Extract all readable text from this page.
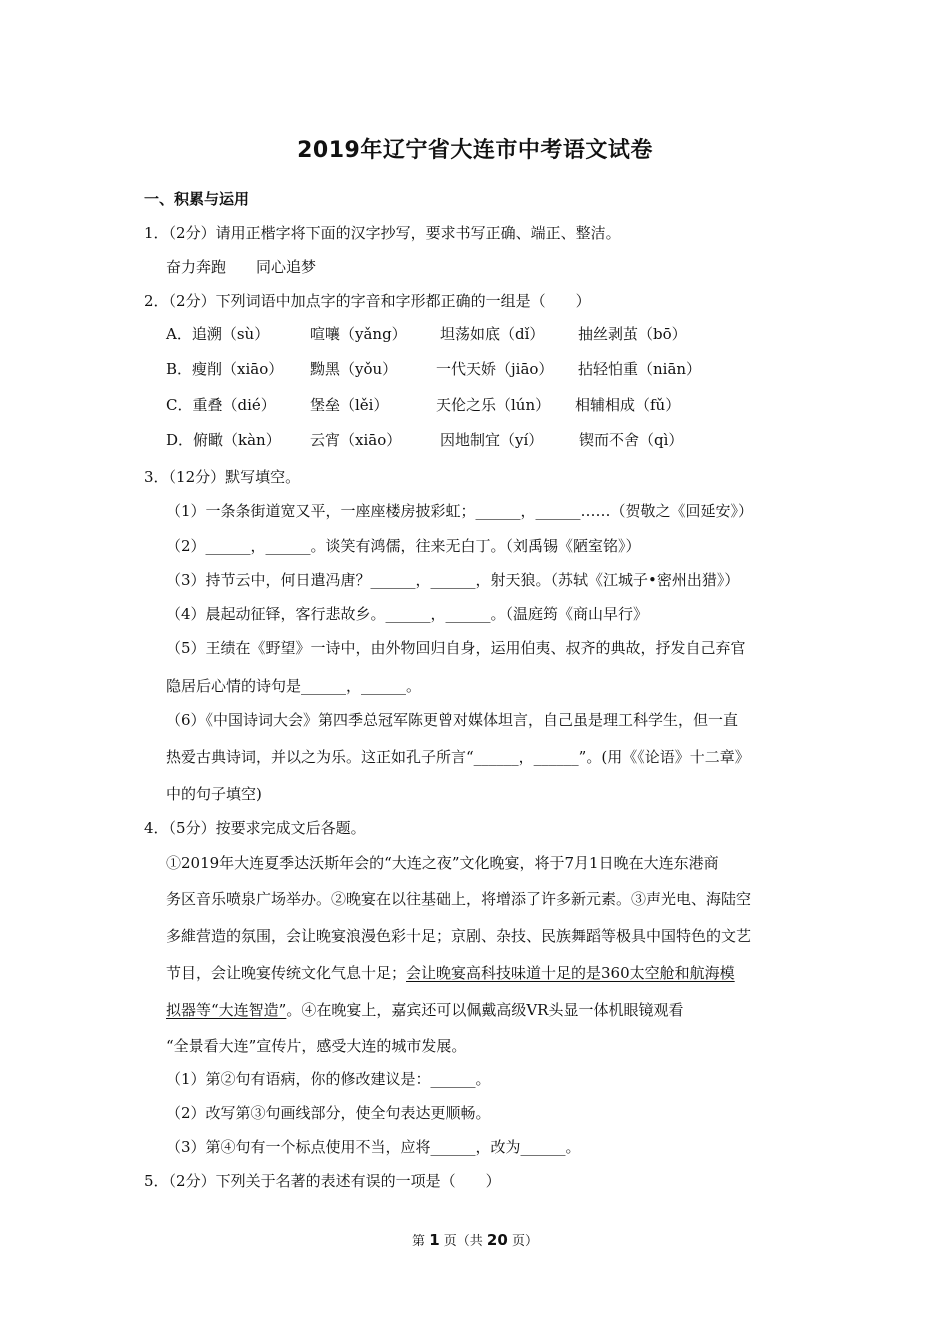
2019年辽宁省大连市中考语文试卷
一、积累与运用
1．（2分）请用正楷字将下面的汉字抄写，要求书写正确、端正、整洁。
奋力奔跑　　同心追梦
2．（2分）下列词语中加点字的字音和字形都正确的一组是（　　）
A．追溯（sù）	喧嚷（yǎng） 坦荡如底（dǐ） 抽丝剥茧（bō）
B．瘦削（xiāo） 黝黑（yǒu）	一代天娇（jiāo） 拈轻怕重（niān）
C．重叠（dié） 堡垒（lěi）	天伦之乐（lún） 相辅相成（fǔ）
D．俯瞰（kàn） 云宵（xiāo）	因地制宜（yí） 锲而不舍（qì）
3．（12分）默写填空。
（1）一条条街道宽又平，一座座楼房披彩虹；______，______……（贺敬之《回延安》）
（2）______，______。谈笑有鸿儒，往来无白丁。（刘禹锡《陋室铭》）
（3）持节云中，何日遣冯唐？______，______，射天狼。（苏轼《江城子•密州出猎》）
（4）晨起动征铎，客行悲故乡。______，______。（温庭筠《商山早行》
（5）王绩在《野望》一诗中，由外物回归自身，运用伯夷、叔齐的典故，抒发自己弃官
隐居后心情的诗句是______，______。
（6）《中国诗词大会》第四季总冠军陈更曾对媒体坦言，自己虽是理工科学生，但一直
热爱古典诗词，并以之为乐。这正如孔子所言“______，______”。(用《《论语》十二章》
中的句子填空)
4．（5分）按要求完成文后各题。
①2019年大连夏季达沃斯年会的“大连之夜”文化晚宴，将于7月1日晚在大连东港商
务区音乐喷泉广场举办。②晚宴在以往基础上，将增添了许多新元素。③声光电、海陆空
多維营造的氛围，会让晚宴浪漫色彩十足；京剧、杂技、民族舞蹈等极具中国特色的文艺
节目，会让晚宴传统文化气息十足；会让晚宴高科技味道十足的是360太空舱和航海模
拟器等“大连智造”。④在晚宴上，嘉宾还可以佩戴高级VR头显一体机眼镜观看
“全景看大连”宣传片，感受大连的城市发展。
（1）第②句有语病，你的修改建议是：______。
（2）改写第③句画线部分，使全句表达更顺畅。
（3）第④句有一个标点使用不当，应将______，改为______。
5．（2分）下列关于名著的表述有误的一项是（　　）
第 1 页（共 20 页）
